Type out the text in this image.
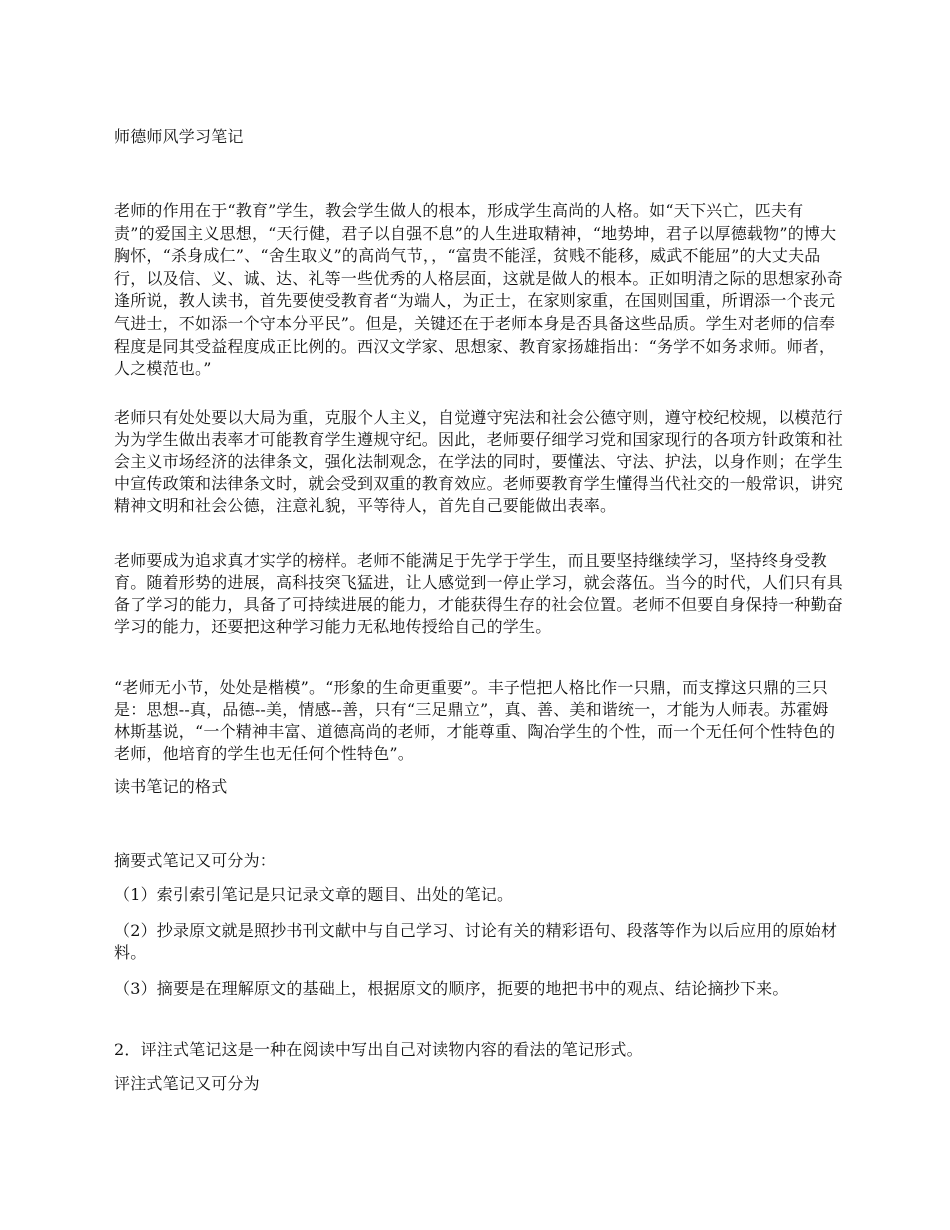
师德师风学习笔记
老师的作用在于“教育”学生，教会学生做人的根本，形成学生高尚的人格。如“天下兴亡，匹夫有责”的爱国主义思想，“天行健，君子以自强不息”的人生进取精神，“地势坤，君子以厚德载物”的博大胸怀，“杀身成仁”、“舍生取义”的高尚气节，，“富贵不能淫，贫贱不能移，威武不能屈”的大丈夫品行，以及信、义、诚、达、礼等一些优秀的人格层面，这就是做人的根本。正如明清之际的思想家孙奇逢所说，教人读书，首先要使受教育者“为端人，为正士，在家则家重，在国则国重，所谓添一个丧元气进士，不如添一个守本分平民”。但是，关键还在于老师本身是否具备这些品质。学生对老师的信奉程度是同其受益程度成正比例的。西汉文学家、思想家、教育家扬雄指出：“务学不如务求师。师者，人之模范也。”
老师只有处处要以大局为重，克服个人主义，自觉遵守宪法和社会公德守则，遵守校纪校规，以模范行为为学生做出表率才可能教育学生遵规守纪。因此，老师要仔细学习党和国家现行的各项方针政策和社会主义市场经济的法律条文，强化法制观念，在学法的同时，要懂法、守法、护法，以身作则；在学生中宣传政策和法律条文时，就会受到双重的教育效应。老师要教育学生懂得当代社交的一般常识，讲究精神文明和社会公德，注意礼貌，平等待人，首先自己要能做出表率。
老师要成为追求真才实学的榜样。老师不能满足于先学于学生，而且要坚持继续学习，坚持终身受教育。随着形势的进展，高科技突飞猛进，让人感觉到一停止学习，就会落伍。当今的时代，人们只有具备了学习的能力，具备了可持续进展的能力，才能获得生存的社会位置。老师不但要自身保持一种勤奋学习的能力，还要把这种学习能力无私地传授给自己的学生。
“老师无小节，处处是楷模”。“形象的生命更重要”。丰子恺把人格比作一只鼎，而支撑这只鼎的三只是：思想--真，品德--美，情感--善，只有“三足鼎立”，真、善、美和谐统一，才能为人师表。苏霍姆林斯基说，“一个精神丰富、道德高尚的老师，才能尊重、陶冶学生的个性，而一个无任何个性特色的老师，他培育的学生也无任何个性特色”。
读书笔记的格式
摘要式笔记又可分为：
（1）索引索引笔记是只记录文章的题目、出处的笔记。
（2）抄录原文就是照抄书刊文献中与自己学习、讨论有关的精彩语句、段落等作为以后应用的原始材料。
（3）摘要是在理解原文的基础上，根据原文的顺序，扼要的地把书中的观点、结论摘抄下来。
2．评注式笔记这是一种在阅读中写出自己对读物内容的看法的笔记形式。
评注式笔记又可分为
